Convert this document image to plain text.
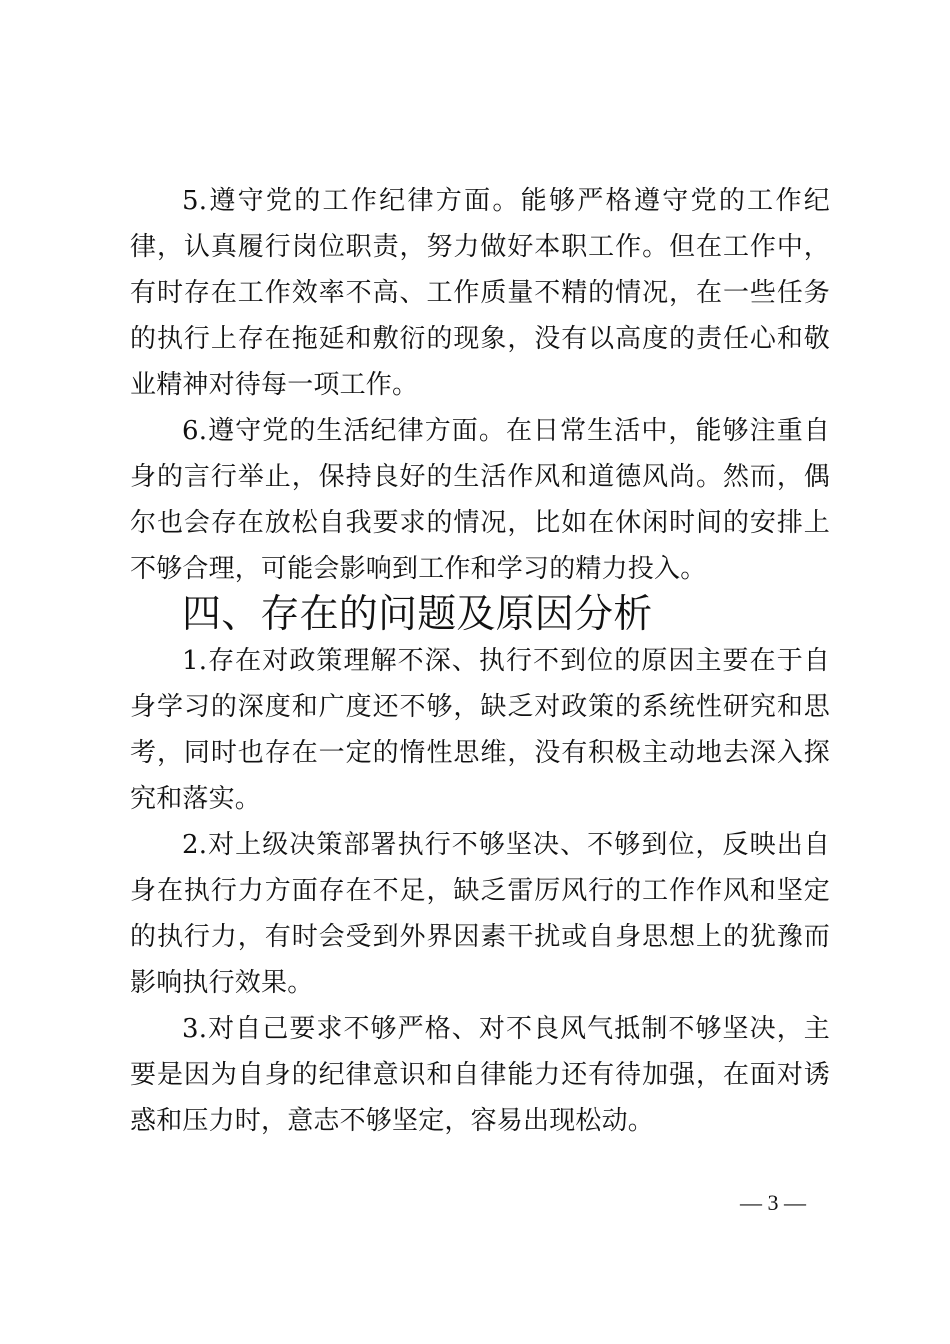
5.遵守党的工作纪律方面。能够严格遵守党的工作纪律，认真履行岗位职责，努力做好本职工作。但在工作中，有时存在工作效率不高、工作质量不精的情况，在一些任务的执行上存在拖延和敷衍的现象，没有以高度的责任心和敬业精神对待每一项工作。

6.遵守党的生活纪律方面。在日常生活中，能够注重自身的言行举止，保持良好的生活作风和道德风尚。然而，偶尔也会存在放松自我要求的情况，比如在休闲时间的安排上不够合理，可能会影响到工作和学习的精力投入。

四、存在的问题及原因分析

1.存在对政策理解不深、执行不到位的原因主要在于自身学习的深度和广度还不够，缺乏对政策的系统性研究和思考，同时也存在一定的惰性思维，没有积极主动地去深入探究和落实。

2.对上级决策部署执行不够坚决、不够到位，反映出自身在执行力方面存在不足，缺乏雷厉风行的工作作风和坚定的执行力，有时会受到外界因素干扰或自身思想上的犹豫而影响执行效果。

3.对自己要求不够严格、对不良风气抵制不够坚决，主要是因为自身的纪律意识和自律能力还有待加强，在面对诱惑和压力时，意志不够坚定，容易出现松动。

— 3 —
